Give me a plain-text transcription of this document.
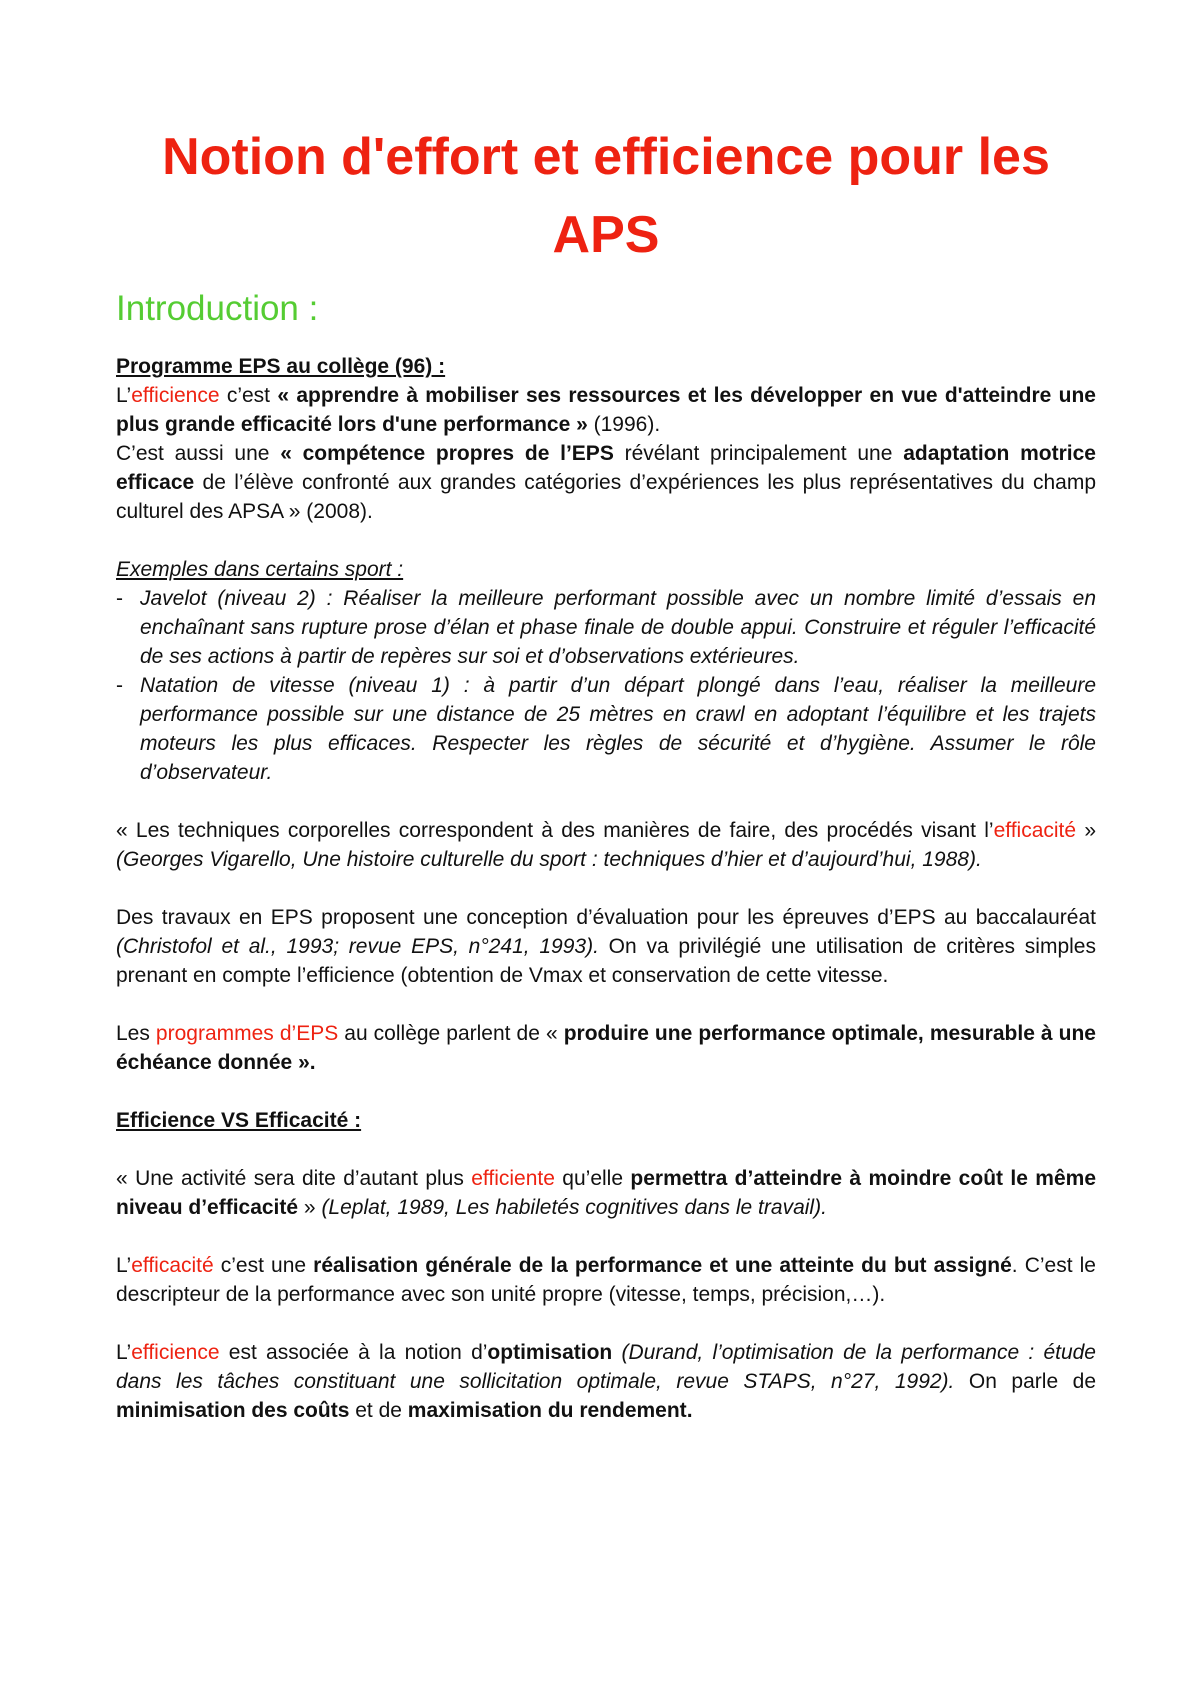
Notion d'effort et efficience pour les APS
Introduction :

Programme EPS au collège (96) :

L’efficience c’est « apprendre à mobiliser ses ressources et les développer en vue d'atteindre une plus grande efficacité lors d'une performance » (1996).

C’est aussi une « compétence propres de l’EPS révélant principalement une adaptation motrice efficace de l’élève confronté aux grandes catégories d’expériences les plus représentatives du champ culturel des APSA » (2008).

Exemples dans certains sport :

- Javelot (niveau 2) : Réaliser la meilleure performant possible avec un nombre limité d’essais en enchaînant sans rupture prose d’élan et phase finale de double appui. Construire et réguler l’efficacité de ses actions à partir de repères sur soi et d’observations extérieures.
- Natation de vitesse (niveau 1) : à partir d’un départ plongé dans l’eau, réaliser la meilleure performance possible sur une distance de 25 mètres en crawl en adoptant l’équilibre et les trajets moteurs les plus efficaces. Respecter les règles de sécurité et d’hygiène. Assumer le rôle d’observateur.

« Les techniques corporelles correspondent à des manières de faire, des procédés visant l’efficacité » (Georges Vigarello, Une histoire culturelle du sport : techniques d’hier et d’aujourd’hui, 1988).

Des travaux en EPS proposent une conception d’évaluation pour les épreuves d’EPS au baccalauréat (Christofol et al., 1993; revue EPS, n°241, 1993). On va privilégié une utilisation de critères simples prenant en compte l’efficience (obtention de Vmax et conservation de cette vitesse.

Les programmes d’EPS au collège parlent de « produire une performance optimale, mesurable à une échéance donnée ».

Efficience VS Efficacité :

« Une activité sera dite d’autant plus efficiente qu’elle permettra d’atteindre à moindre coût le même niveau d’efficacité » (Leplat, 1989, Les habiletés cognitives dans le travail).

L’efficacité c’est une réalisation générale de la performance et une atteinte du but assigné. C’est le descripteur de la performance avec son unité propre (vitesse, temps, précision,…).

L’efficience est associée à la notion d’optimisation (Durand, l’optimisation de la performance : étude dans les tâches constituant une sollicitation optimale, revue STAPS, n°27, 1992). On parle de minimisation des coûts et de maximisation du rendement.
